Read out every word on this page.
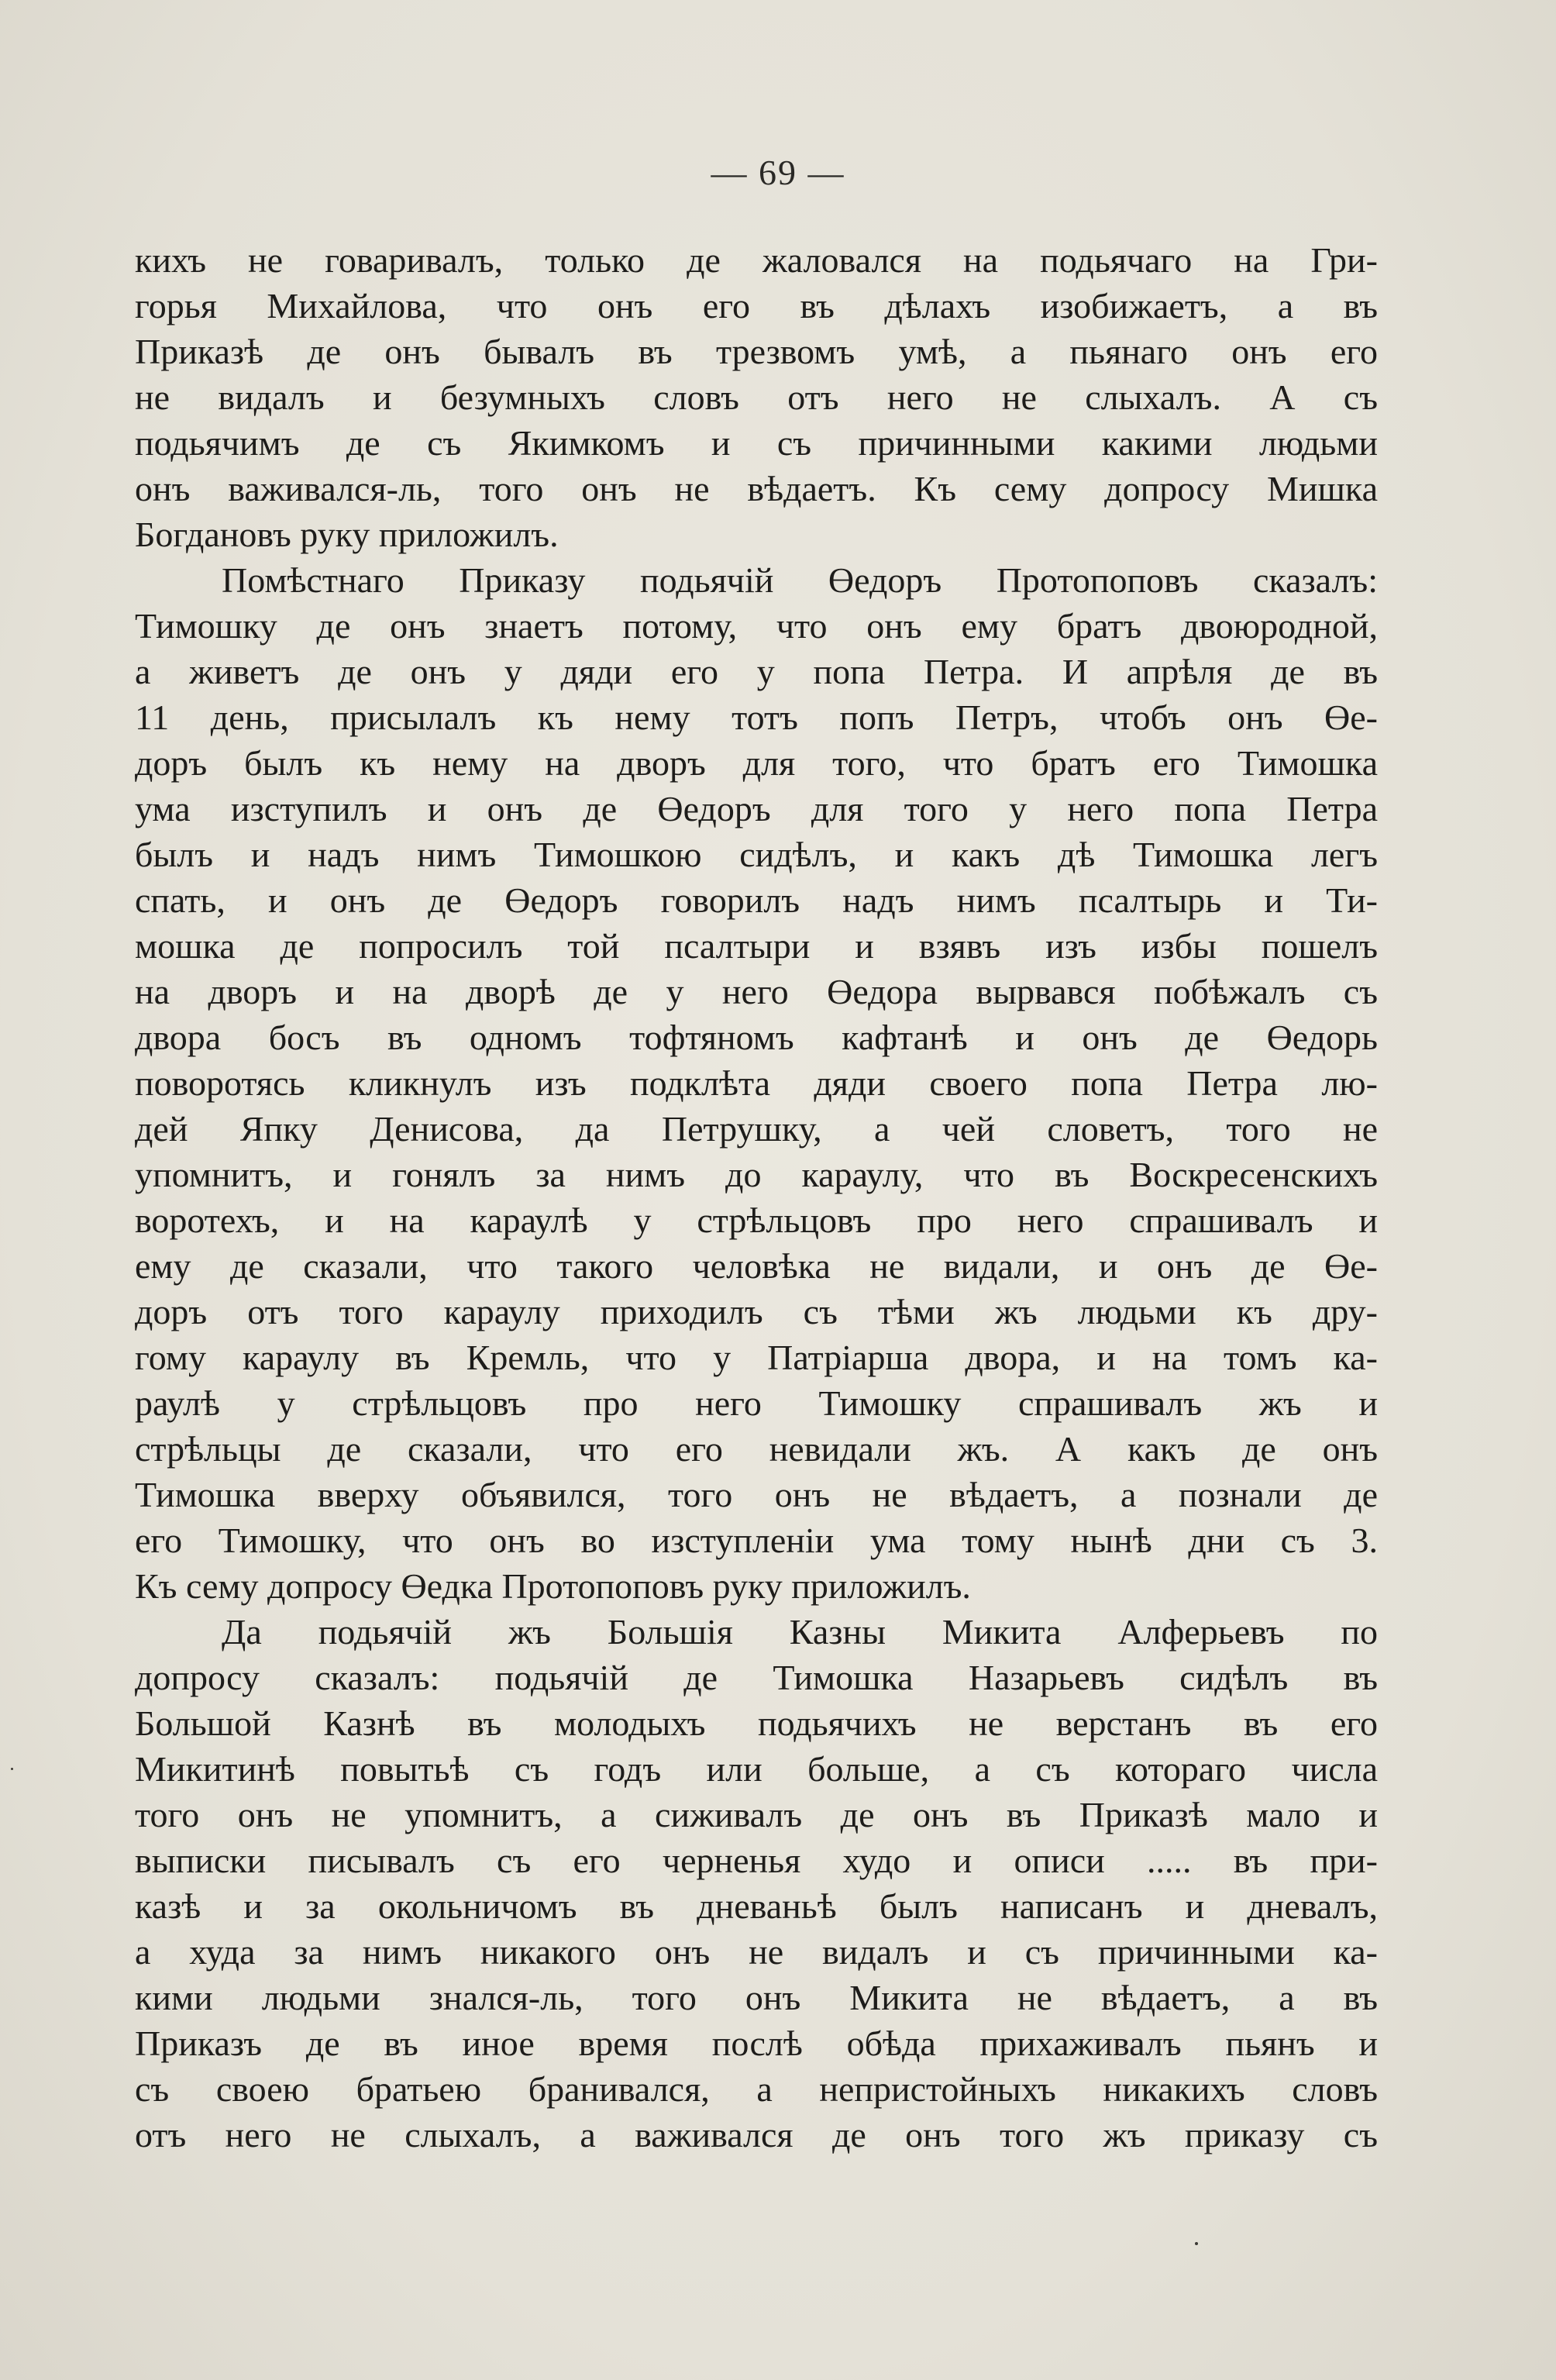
— 69 —
кихъ не говаривалъ, только де жаловался на подьячаго на Гри-
горья Михайлова, что онъ его въ дѣлахъ изобижаетъ, а въ
Приказѣ де онъ бывалъ въ трезвомъ умѣ, а пьянаго онъ его
не видалъ и безумныхъ словъ отъ него не слыхалъ. А съ
подьячимъ де съ Якимкомъ и съ причинными какими людьми
онъ важивался-ль, того онъ не вѣдаетъ. Къ сему допросу Мишка
Богдановъ руку приложилъ.
Помѣстнаго Приказу подьячій Өедоръ Протопоповъ сказалъ:
Тимошку де онъ знаетъ потому, что онъ ему братъ двоюродной,
а живетъ де онъ у дяди его у попа Петра. И апрѣля де въ
11 день, присылалъ къ нему тотъ попъ Петръ, чтобъ онъ Өе-
доръ былъ къ нему на дворъ для того, что братъ его Тимошка
ума изступилъ и онъ де Өедоръ для того у него попа Петра
былъ и надъ нимъ Тимошкою сидѣлъ, и какъ дѣ Тимошка легъ
спать, и онъ де Өедоръ говорилъ надъ нимъ псалтырь и Ти-
мошка де попросилъ той псалтыри и взявъ изъ избы пошелъ
на дворъ и на дворѣ де у него Өедора вырвався побѣжалъ съ
двора босъ въ одномъ тофтяномъ кафтанѣ и онъ де Өедорь
поворотясь кликнулъ изъ подклѣта дяди своего попа Петра лю-
дей Япку Денисова, да Петрушку, а чей словетъ, того не
упомнитъ, и гонялъ за нимъ до караулу, что въ Воскресенскихъ
воротехъ, и на караулѣ у стрѣльцовъ про него спрашивалъ и
ему де сказали, что такого человѣка не видали, и онъ де Өе-
доръ отъ того караулу приходилъ съ тѣми жъ людьми къ дру-
гому караулу въ Кремль, что у Патріарша двора, и на томъ ка-
раулѣ у стрѣльцовъ про него Тимошку спрашивалъ жъ и
стрѣльцы де сказали, что его невидали жъ. А какъ де онъ
Тимошка вверху объявился, того онъ не вѣдаетъ, а познали де
его Тимошку, что онъ во изступленіи ума тому нынѣ дни съ 3.
Къ сему допросу Өедка Протопоповъ руку приложилъ.
Да подьячій жъ Большія Казны Микита Алферьевъ по
допросу сказалъ: подьячій де Тимошка Назарьевъ сидѣлъ въ
Большой Казнѣ въ молодыхъ подьячихъ не верстанъ въ его
Микитинѣ повытьѣ съ годъ или больше, а съ котораго числа
того онъ не упомнитъ, а сиживалъ де онъ въ Приказѣ мало и
выписки писывалъ съ его черненья худо и описи ..... въ при-
казѣ и за окольничомъ въ дневаньѣ былъ написанъ и дневалъ,
а худа за нимъ никакого онъ не видалъ и съ причинными ка-
кими людьми знался-ль, того онъ Микита не вѣдаетъ, а въ
Приказъ де въ иное время послѣ обѣда прихаживалъ пьянъ и
съ своею братьею бранивался, а непристойныхъ никакихъ словъ
отъ него не слыхалъ, а важивался де онъ того жъ приказу съ
